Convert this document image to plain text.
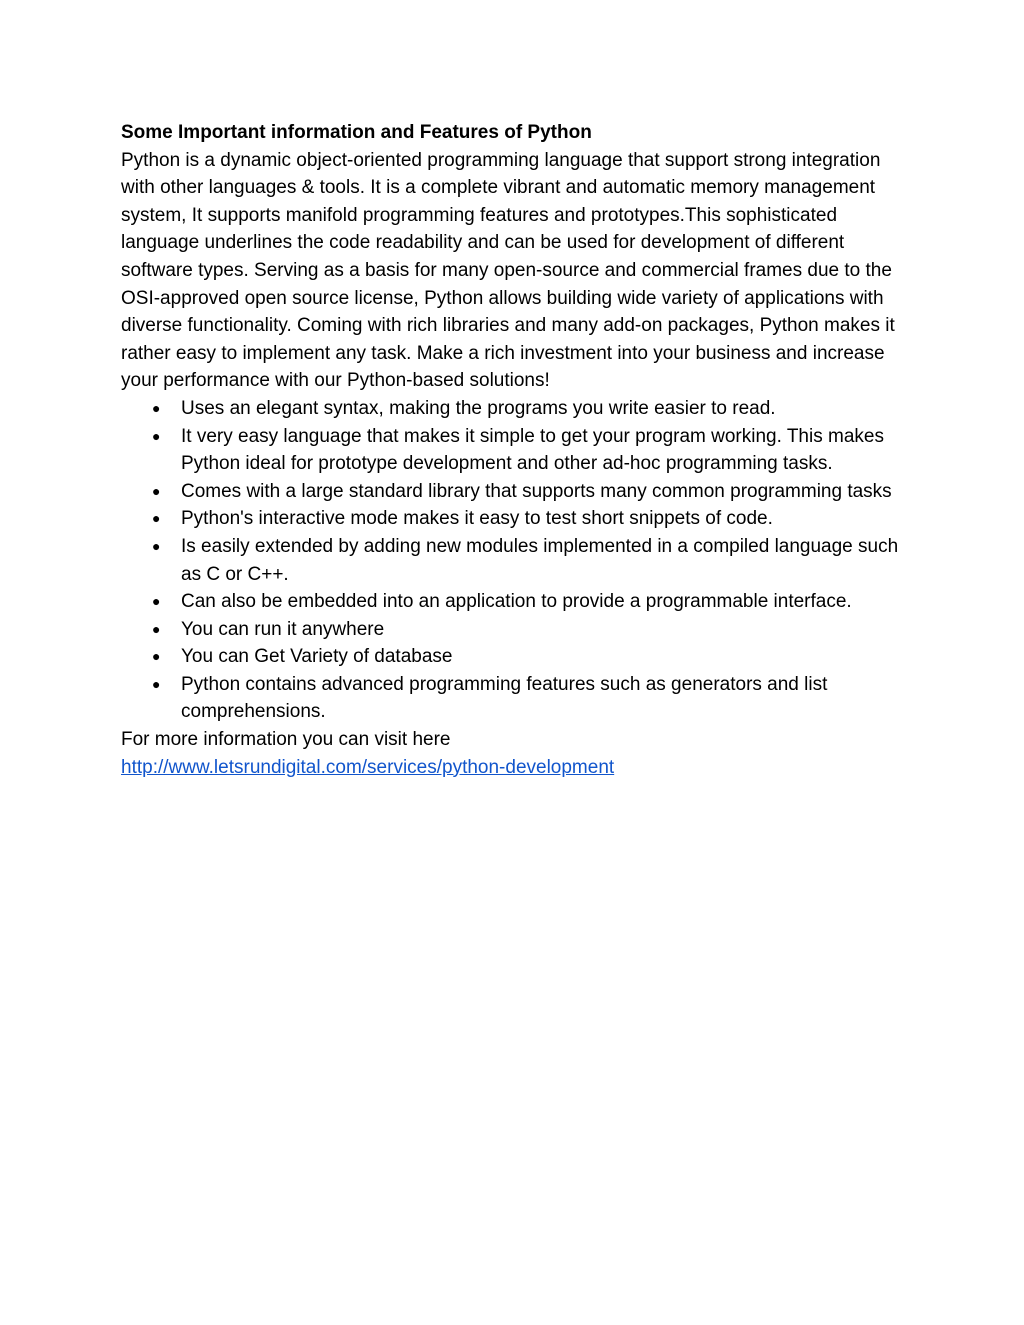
Some Important information and Features of Python

Python is a dynamic object-oriented programming language that support strong integration with other languages & tools. It is a complete vibrant and automatic memory management system, It supports manifold programming features and prototypes.This sophisticated language underlines the code readability and can be used for development of different software types. Serving as a basis for many open-source and commercial frames due to the OSI-approved open source license, Python allows building wide variety of applications with diverse functionality. Coming with rich libraries and many add-on packages, Python makes it rather easy to implement any task. Make a rich investment into your business and increase your performance with our Python-based solutions!

● Uses an elegant syntax, making the programs you write easier to read.
● It very easy language that makes it simple to get your program working. This makes Python ideal for prototype development and other ad-hoc programming tasks.
● Comes with a large standard library that supports many common programming tasks
● Python's interactive mode makes it easy to test short snippets of code.
● Is easily extended by adding new modules implemented in a compiled language such as C or C++.
● Can also be embedded into an application to provide a programmable interface.
● You can run it anywhere
● You can Get Variety of database
● Python contains advanced programming features such as generators and list comprehensions.

For more information you can visit here

http://www.letsrundigital.com/services/python-development
